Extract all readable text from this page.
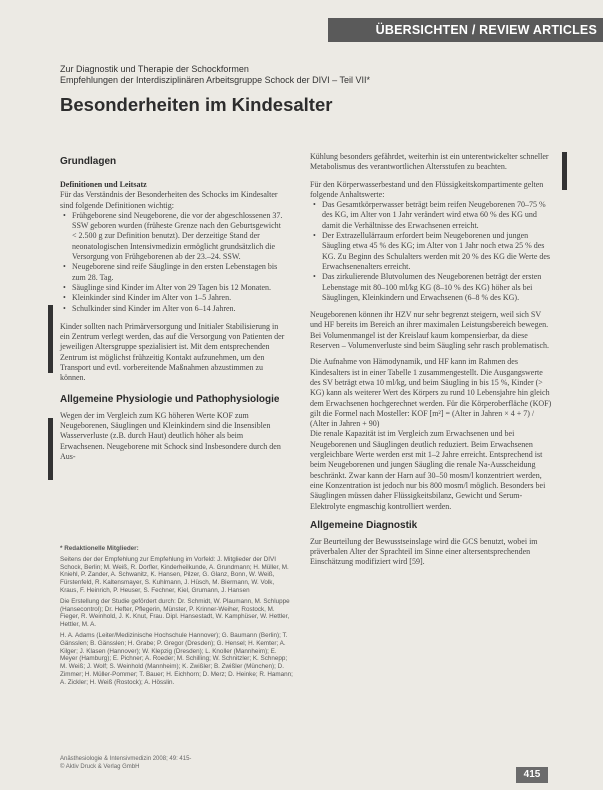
ÜBERSICHTEN / REVIEW ARTICLES
Zur Diagnostik und Therapie der Schockformen
Empfehlungen der Interdisziplinären Arbeitsgruppe Schock der DIVI – Teil VII*
Besonderheiten im Kindesalter
Grundlagen
Definitionen und Leitsatz

Für das Verständnis der Besonderheiten des Schocks im Kindesalter sind folgende Definitionen wichtig:

• Frühgeborene sind Neugeborene, die vor der abgeschlossenen 37. SSW geboren wurden (früheste Grenze nach den Geburtsgewicht < 2.500 g zur Definition benutzt). Der derzeitige Stand der neonatologischen Intensivmedizin ermöglicht grundsätzlich die Versorgung von Frühgeborenen ab der 23.–24. SSW.
• Neugeborene sind reife Säuglinge in den ersten Lebenstagen bis zum 28. Tag.
• Säuglinge sind Kinder im Alter von 29 Tagen bis 12 Monaten.
• Kleinkinder sind Kinder im Alter von 1–5 Jahren.
• Schulkinder sind Kinder im Alter von 6–14 Jahren.

Kinder sollten nach Primärversorgung und Initialer Stabilisierung in ein Zentrum verlegt werden, das auf die Versorgung von Patienten der jeweiligen Altersgruppe spezialisiert ist. Mit dem entsprechenden Zentrum ist möglichst frühzeitig Kontakt aufzunehmen, um den Transport und evtl. vorbereitende Maßnahmen abzustimmen zu können.

Allgemeine Physiologie und Pathophysiologie

Wegen der im Vergleich zum KG höheren Werte KOF zum Neugeborenen, Säuglingen und Kleinkindern sind die Insensiblen Wasserverluste (z.B. durch Haut) deutlich höher als beim Erwachsenen. Neugeborene mit Schock sind Insbesondere durch den Aus-

* Redaktionelle Mitglieder:

Seitens der der Empfehlung zur Empfehlung im Vorfeld: J. Mitglieder der DIVI Schock, Berlin; M. Weiß, R. Dorfler, Kinderheilkunde, A. Grundmann; H. Müller, M. Kniehl, P. Zander, A. Schwanitz, K. Hansen, Pilzer, G. Glanz, Bonn, W. Weiß, Fürstenfeld, R. Kaltensmayer, S. Kuhlmann, J. Hüsch, M. Biermann, W. Volk, Kraus, F. Heinrich, P. Heuser, S. Fechner, Kiel, Grumann, J. Hansen

Die Erstellung der Studie gefördert durch: Dr. Schmidt, W. Plaumann, M. Schluppe (Hansecontrol); Dr. Hefter, Pflegerin, Münster, P. Krinner-Weiher, Rostock, M. Fieger, R. Weinhold, J. K. Knut, Frau. Dipl. Hansestadt, W. Kamphüser, W. Hettler, Hettler, M. A.

H. A. Adams (Leiter/Medizinische Hochschule Hannover); G. Baumann (Berlin); T. Gänsslen; B. Gänsslen; H. Grabe; P. Gregor (Dresden); G. Hensel; H. Kemter; A. Kilger; J. Klasen (Hannover); W. Klepzig (Dresden); L. Knoller (Mannheim); E. Meyer (Hamburg); E. Pichner; A. Roeder; M. Schilling; W. Schnitzler; K. Schnepp; M. Weiß; J. Wolf; S. Weinhold (Mannheim); K. Zwißler; B. Zwißler (München); D. Zimmer; H. Müller-Pommer; T. Bauer; H. Eichhorn; D. Merz; D. Heinke; R. Hamann; A. Zickler; H. Weiß (Rostock); A. Hösslin.

Kühlung besonders gefährdet, weiterhin ist ein unterentwickelter schneller Metabolismus des verantwortlichen Altersstufen zu beachten.

Für den Körperwasserbestand und den Flüssigkeitskompartimente gelten folgende Anhaltswerte:

• Das Gesamtkörperwasser beträgt beim reifen Neugeborenen 70–75 % des KG, im Alter von 1 Jahr verändert wird etwa 60 % des KG und damit die Verhältnisse des Erwachsenen erreicht.
• Der Extrazellulärraum erfordert beim Neugeborenen und jungen Säugling etwa 45 % des KG; im Alter von 1 Jahr noch etwa 25 % des KG. Zu Beginn des Schulalters werden mit 20 % des KG die Werte des Erwachsenenalters erreicht.
• Das zirkulierende Blutvolumen des Neugeborenen beträgt der ersten Lebenstage mit 80–100 ml/kg KG (8–10 % des KG) höher als bei Säuglingen, Kleinkindern und Erwachsenen (6–8 % des KG).

Neugeborenen können ihr HZV nur sehr begrenzt steigern, weil sich SV und HF bereits im Bereich an ihrer maximalen Leistungsbereich bewegen. Bei Volumenmangel ist der Kreislauf kaum kompensierbar, da diese Reserven – Volumenverluste sind beim Säugling sehr rasch problematisch.

Die Aufnahme von Hämodynamik, und HF kann im Rahmen des Kindesalters ist in einer Tabelle 1 zusammengestellt. Die Ausgangswerte des SV beträgt etwa 10 ml/kg, und beim Säugling in bis 15 %, Kinder (> KG) kann als weiterer Wert des Körpers zu rund 10 Lebensjahre hin gleich dem Erwachsenen hochgerechnet werden. Für die Körperoberfläche (KOF) gilt die Formel nach Mosteller: KOF [m²] = (Alter in Jahren × 4 + 7) / (Alter in Jahren + 90)

Die renale Kapazität ist im Vergleich zum Erwachsenen und bei Neugeborenen und Säuglingen deutlich reduziert. Beim Erwachsenen vergleichbare Werte werden erst mit 1–2 Jahre erreicht. Entsprechend ist beim Neugeborenen und jungen Säugling die renale Na-Ausscheidung beschränkt. Zwar kann der Harn auf 30–50 mosm/l konzentriert werden, eine Konzentration ist jedoch nur bis 800 mosm/l möglich. Besonders bei Säuglingen müssen daher Flüssigkeitsbilanz, Gewicht und Serum-Elektrolyte engmaschig kontrolliert werden.

Allgemeine Diagnostik

Zur Beurteilung der Bewusstseinslage wird die GCS benutzt, wobei im präverbalen Alter der Sprachteil im Sinne einer altersentsprechenden Einschätzung modifiziert wird [59].

Anästhesiologie & Intensivmedizin 2008; 49: 415-
© Aktiv Druck & Verlag GmbH
415
